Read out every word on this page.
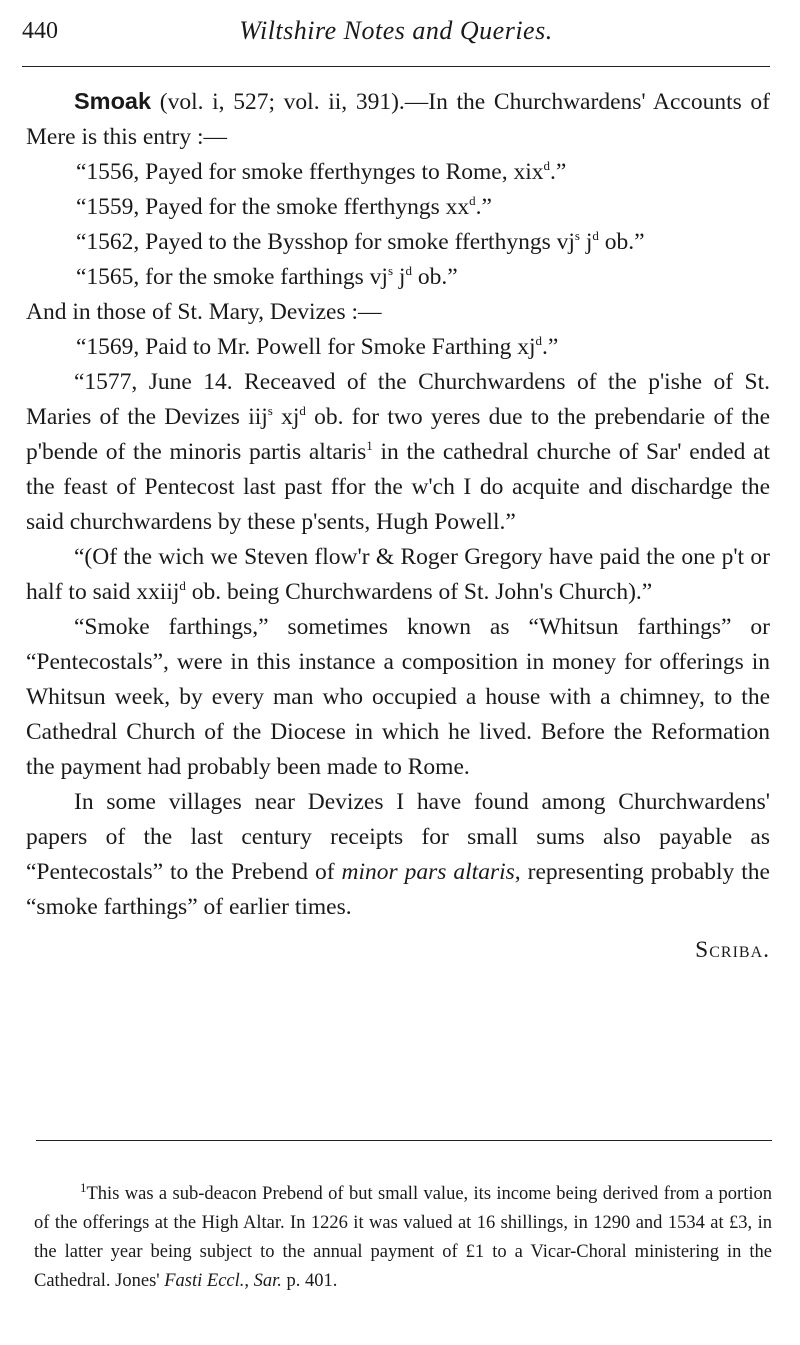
440	Wiltshire Notes and Queries.

Smoak (vol. i, 527; vol. ii, 391).—In the Churchwardens' Accounts of Mere is this entry :—

“1556, Payed for smoke fferthynges to Rome, xix$^d$.”

“1559, Payed for the smoke fferthyngs $xx^d$.”

“1562, Payed to the Bysshop for smoke fferthyngs $vj^s$ $j^d$ ob.”

“1565, for the smoke farthings $vj^s$ $j^d$ ob.”

And in those of St. Mary, Devizes :—

“1569, Paid to Mr. Powell for Smoke Farthing $xj^d$.”

“1577, June 14. Receaved of the Churchwardens of the p'ishe of St. Maries of the Devizes iij$^s$ $xj^d$ ob. for two yeres due to the prebendarie of the p'bende of the minoris partis altaris$^1$ in the cathedral churche of Sar' ended at the feast of Pentecost last past ffor the w'ch I do acquite and dischardge the said churchwardens by these p'sents, Hugh Powell.”

“(Of the wich we Steven flow'r & Roger Gregory have paid the one p't or half to said xxiij$^d$ ob. being Churchwardens of St. John's Church).”

“Smoke farthings,” sometimes known as “Whitsun farthings” or “Pentecostals”, were in this instance a composition in money for offerings in Whitsun week, by every man who occupied a house with a chimney, to the Cathedral Church of the Diocese in which he lived. Before the Reformation the payment had probably been made to Rome.

In some villages near Devizes I have found among Churchwardens' papers of the last century receipts for small sums also payable as “Pentecostals” to the Prebend of minor pars altaris, representing probably the “smoke farthings” of earlier times.

Scriba.

$^1$This was a sub-deacon Prebend of but small value, its income being derived from a portion of the offerings at the High Altar. In 1226 it was valued at 16 shillings, in 1290 and 1534 at £3, in the latter year being subject to the annual payment of £1 to a Vicar-Choral ministering in the Cathedral. Jones' Fasti Eccl., Sar. p. 401.
